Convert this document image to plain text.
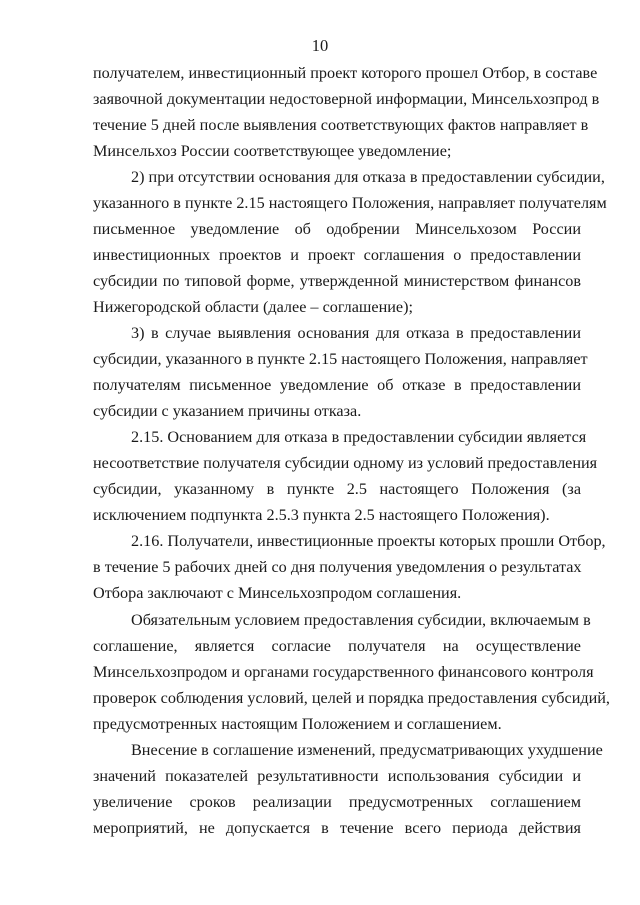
10
получателем, инвестиционный проект которого прошел Отбор, в составе
заявочной документации недостоверной информации, Минсельхозпрод в
течение 5 дней после выявления соответствующих фактов направляет в
Минсельхоз России соответствующее уведомление;
2) при отсутствии основания для отказа в предоставлении субсидии,
указанного в пункте 2.15 настоящего Положения, направляет получателям
письменное уведомление об одобрении Минсельхозом России
инвестиционных проектов и проект соглашения о предоставлении
субсидии по типовой форме, утвержденной министерством финансов
Нижегородской области (далее – соглашение);
3) в случае выявления основания для отказа в предоставлении
субсидии, указанного в пункте 2.15 настоящего Положения, направляет
получателям письменное уведомление об отказе в предоставлении
субсидии с указанием причины отказа.
2.15. Основанием для отказа в предоставлении субсидии является
несоответствие получателя субсидии одному из условий предоставления
субсидии, указанному в пункте 2.5 настоящего Положения (за
исключением подпункта 2.5.3 пункта 2.5 настоящего Положения).
2.16. Получатели, инвестиционные проекты которых прошли Отбор,
в течение 5 рабочих дней со дня получения уведомления о результатах
Отбора заключают с Минсельхозпродом соглашения.
Обязательным условием предоставления субсидии, включаемым в
соглашение, является согласие получателя на осуществление
Минсельхозпродом и органами государственного финансового контроля
проверок соблюдения условий, целей и порядка предоставления субсидий,
предусмотренных настоящим Положением и соглашением.
Внесение в соглашение изменений, предусматривающих ухудшение
значений показателей результативности использования субсидии и
увеличение сроков реализации предусмотренных соглашением
мероприятий, не допускается в течение всего периода действия
